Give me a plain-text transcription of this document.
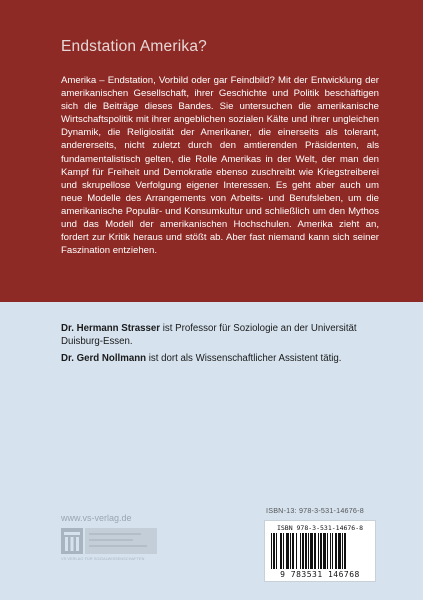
Endstation Amerika?
Amerika – Endstation, Vorbild oder gar Feindbild? Mit der Entwicklung der amerikanischen Gesellschaft, ihrer Geschichte und Politik beschäftigen sich die Beiträge dieses Bandes. Sie untersuchen die amerikanische Wirtschaftspolitik mit ihrer angeblichen sozialen Kälte und ihrer ungleichen Dynamik, die Religiosität der Amerikaner, die einerseits als tolerant, andererseits, nicht zuletzt durch den amtierenden Präsidenten, als fundamentalistisch gelten, die Rolle Amerikas in der Welt, der man den Kampf für Freiheit und Demokratie ebenso zuschreibt wie Kriegstreiberei und skrupellose Verfolgung eigener Interessen. Es geht aber auch um neue Modelle des Arrangements von Arbeits- und Berufsleben, um die amerikanische Populär- und Konsumkultur und schließlich um den Mythos und das Modell der amerikanischen Hochschulen. Amerika zieht an, fordert zur Kritik heraus und stößt ab. Aber fast niemand kann sich seiner Faszination entziehen.

Dr. Hermann Strasser ist Professor für Soziologie an der Universität Duisburg-Essen.

Dr. Gerd Nollmann ist dort als Wissenschaftlicher Assistent tätig.

ISBN-13: 978-3-531-14676-8
www.vs-verlag.de
VS VERLAG FÜR SOZIALWISSENSCHAFTEN
ISBN 978-3-531-14676-8
9 783531 146768
